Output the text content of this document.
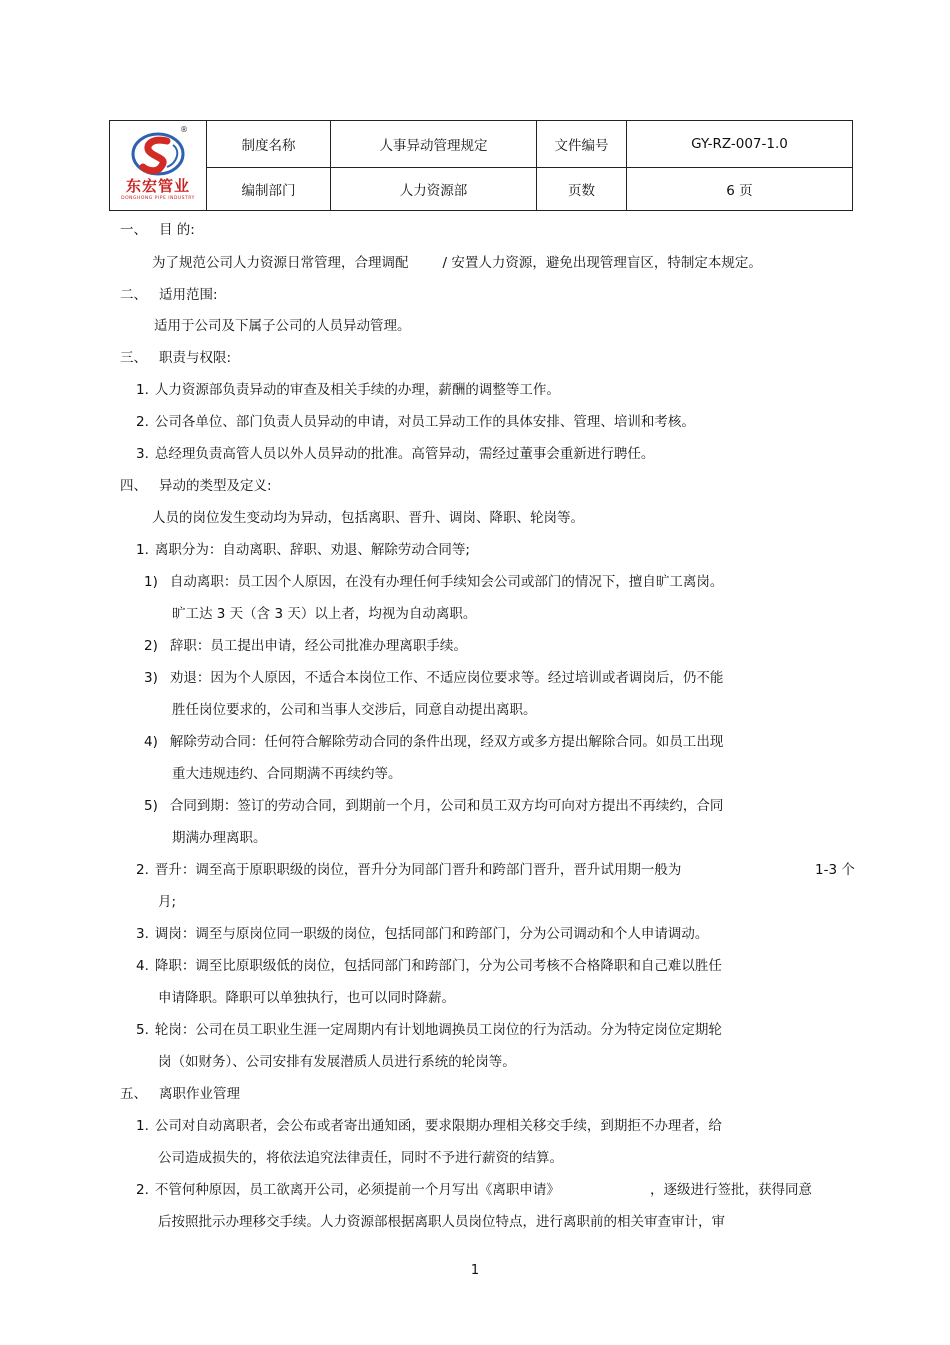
®
东宏管业
DONGHONG PIPE INDUSTRY	制度名称	人事异动管理规定	文件编号	GY-RZ-007-1.0
	编制部门	人力资源部	页数	6 页
一、 目 的:
为了规范公司人力资源日常管理，合理调配	/ 安置人力资源，避免出现管理盲区，特制定本规定。
二、 适用范围:
适用于公司及下属子公司的人员异动管理。
三、 职责与权限:
1. 人力资源部负责异动的审查及相关手续的办理，薪酬的调整等工作。
2. 公司各单位、部门负责人员异动的申请，对员工异动工作的具体安排、管理、培训和考核。
3. 总经理负责高管人员以外人员异动的批准。高管异动，需经过董事会重新进行聘任。
四、 异动的类型及定义:
人员的岗位发生变动均为异动，包括离职、晋升、调岗、降职、轮岗等。
1. 离职分为：自动离职、辞职、劝退、解除劳动合同等;
1) 自动离职：员工因个人原因，在没有办理任何手续知会公司或部门的情况下，擅自旷工离岗。
旷工达 3 天（含 3 天）以上者，均视为自动离职。
2) 辞职：员工提出申请，经公司批准办理离职手续。
3) 劝退：因为个人原因，不适合本岗位工作、不适应岗位要求等。经过培训或者调岗后，仍不能
胜任岗位要求的，公司和当事人交涉后，同意自动提出离职。
4) 解除劳动合同：任何符合解除劳动合同的条件出现，经双方或多方提出解除合同。如员工出现
重大违规违约、合同期满不再续约等。
5) 合同到期：签订的劳动合同，到期前一个月，公司和员工双方均可向对方提出不再续约，合同
期满办理离职。
2. 晋升：调至高于原职职级的岗位，晋升分为同部门晋升和跨部门晋升，晋升试用期一般为	1-3 个
月;
3. 调岗：调至与原岗位同一职级的岗位，包括同部门和跨部门，分为公司调动和个人申请调动。
4. 降职：调至比原职级低的岗位，包括同部门和跨部门，分为公司考核不合格降职和自己难以胜任
申请降职。降职可以单独执行，也可以同时降薪。
5. 轮岗：公司在员工职业生涯一定周期内有计划地调换员工岗位的行为活动。分为特定岗位定期轮
岗（如财务）、公司安排有发展潜质人员进行系统的轮岗等。
五、 离职作业管理
1. 公司对自动离职者，会公布或者寄出通知函，要求限期办理相关移交手续，到期拒不办理者，给
公司造成损失的，将依法追究法律责任，同时不予进行薪资的结算。
2. 不管何种原因，员工欲离开公司，必须提前一个月写出《离职申请》	，逐级进行签批，获得同意
后按照批示办理移交手续。人力资源部根据离职人员岗位特点，进行离职前的相关审查审计，审
1
